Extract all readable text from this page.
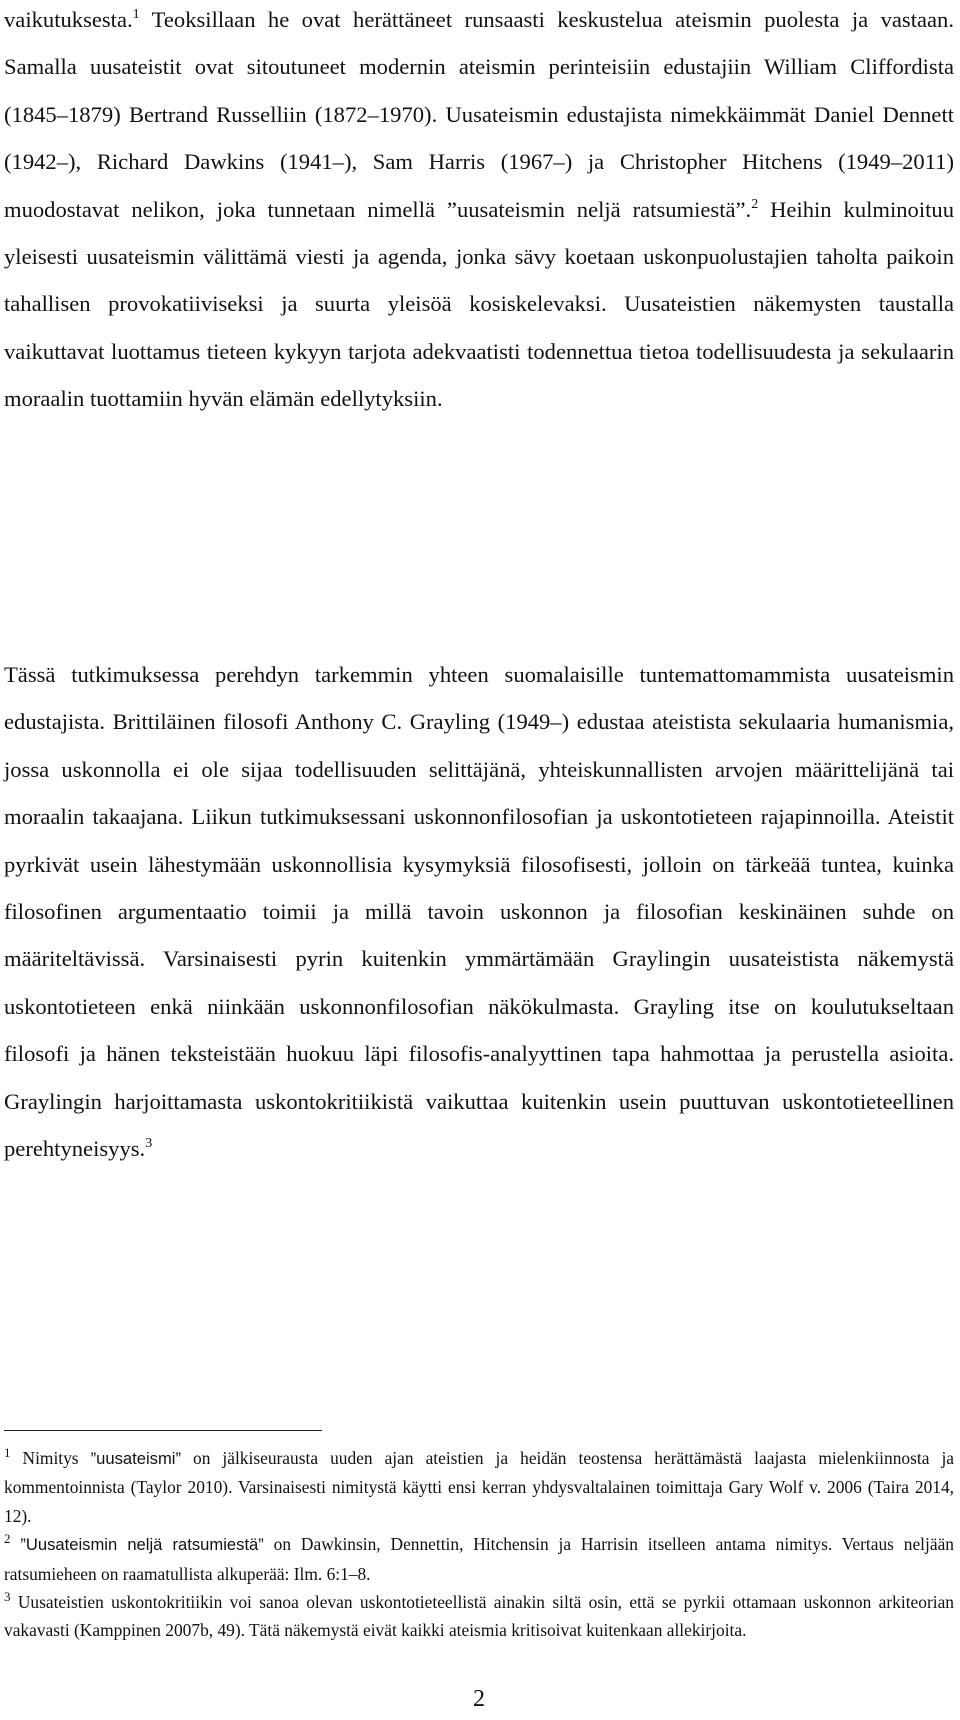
vaikutuksesta.$^1$ Teoksillaan he ovat herättäneet runsaasti keskustelua ateismin puolesta ja vastaan. Samalla uusateistit ovat sitoutuneet modernin ateismin perinteisiin edustajiin William Cliffordista (1845–1879) Bertrand Russelliin (1872–1970). Uusateismin edustajista nimekkäimmät Daniel Dennett (1942–), Richard Dawkins (1941–), Sam Harris (1967–) ja Christopher Hitchens (1949–2011) muodostavat nelikon, joka tunnetaan nimellä ”uusateismin neljä ratsumiestä”.$^2$ Heihin kulminoituu yleisesti uusateismin välittämä viesti ja agenda, jonka sävy koetaan uskonpuolustajien taholta paikoin tahallisen provokatiiviseksi ja suurta yleisöä kosiskelevaksi. Uusateistien näkemysten taustalla vaikuttavat luottamus tieteen kykyyn tarjota adekvaatisti todennettua tietoa todellisuudesta ja sekulaarin moraalin tuottamiin hyvän elämän edellytyksiin.

Tässä tutkimuksessa perehdyn tarkemmin yhteen suomalaisille tuntemattomammista uusateismin edustajista. Brittiläinen filosofi Anthony C. Grayling (1949–) edustaa ateistista sekulaaria humanismia, jossa uskonnolla ei ole sijaa todellisuuden selittäjänä, yhteiskunnallisten arvojen määrittelijänä tai moraalin takaajana. Liikun tutkimuksessani uskonnonfilosofian ja uskontotieteen rajapinnoilla. Ateistit pyrkivät usein lähestymään uskonnollisia kysymyksiä filosofisesti, jolloin on tärkeää tuntea, kuinka filosofinen argumentaatio toimii ja millä tavoin uskonnon ja filosofian keskinäinen suhde on määriteltävissä. Varsinaisesti pyrin kuitenkin ymmärtämään Graylingin uusateistista näkemystä uskontotieteen enkä niinkään uskonnonfilosofian näkökulmasta. Grayling itse on koulutukseltaan filosofi ja hänen teksteistään huokuu läpi filosofis-analyyttinen tapa hahmottaa ja perustella asioita. Graylingin harjoittamasta uskontokritiikistä vaikuttaa kuitenkin usein puuttuvan uskontotieteellinen perehtyneisyys.$^3$

$^1$ Nimitys ”uusateismi” on jälkiseurausta uuden ajan ateistien ja heidän teostensa herättämästä laajasta mielenkiinnosta ja kommentoinnista (Taylor 2010). Varsinaisesti nimitystä käytti ensi kerran yhdysvaltalainen toimittaja Gary Wolf v. 2006 (Taira 2014, 12).

$^2$ ”Uusateismin neljä ratsumiestä” on Dawkinsin, Dennettin, Hitchensin ja Harrisin itselleen antama nimitys. Vertaus neljään ratsumieheen on raamatullista alkuperää: Ilm. 6:1–8.

$^3$ Uusateistien uskontokritiikin voi sanoa olevan uskontotieteellistä ainakin siltä osin, että se pyrkii ottamaan uskonnon arkiteorian vakavasti (Kamppinen 2007b, 49). Tätä näkemystä eivät kaikki ateismia kritisoivat kuitenkaan allekirjoita.

2
